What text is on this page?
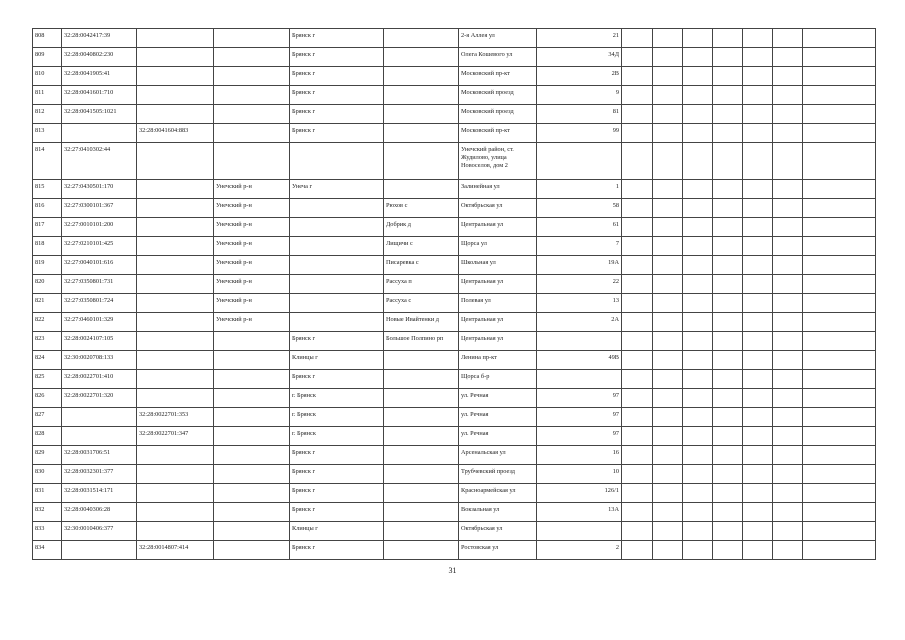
808	32:28:0042417:39			Брянск г		2-я Аллея ул	21							
809	32:28:0040802:230			Брянск г		Олега Кошевого ул	34Д							
810	32:28:0041905:41			Брянск г		Московский пр-кт	2В							
811	32:28:0041601:710			Брянск г		Московский проезд	9							
812	32:28:0041505:1021			Брянск г		Московский проезд	81							
813		32:28:0041604:883		Брянск г		Московский пр-кт	99							
814	32:27:0410302:44					Унечский район, ст. Жудилово, улица Новоселов, дом 2								
815	32:27:0430501:170		Унечский р-н	Унеча г		Залинейная ул	1							
816	32:27:0300101:367		Унечский р-н		Рюхов с	Октябрьская ул	58							
817	32:27:0010101:200		Унечский р-н		Добрик д	Центральная ул	61							
818	32:27:0210101:425		Унечский р-н		Лищичи с	Щорса ул	7							
819	32:27:0040101:616		Унечский р-н		Писаревка с	Школьная ул	19А							
820	32:27:0350801:731		Унечский р-н		Рассуха п	Центральная ул	22							
821	32:27:0350801:724		Унечский р-н		Рассуха с	Полевая ул	13							
822	32:27:0460101:329		Унечский р-н		Новые Ивайтенки д	Центральная ул	2А							
823	32:28:0024107:105			Брянск г	Большое Полпино рп	Центральная ул								
824	32:30:0020708:133			Клинцы г		Ленина пр-кт	49В							
825	32:28:0022701:410			Брянск г		Щорса б-р								
826	32:28:0022701:320			г. Брянск		ул. Речная	97							
827		32:28:0022701:353		г. Брянск		ул. Речная	97							
828		32:28:0022701:347		г. Брянск		ул. Речная	97							
829	32:28:0031706:51			Брянск г		Арсенальская ул	16							
830	32:28:0032301:377			Брянск г		Трубчевский проезд	10							
831	32:28:0031514:171			Брянск г		Красноармейская ул	126/1							
832	32:28:0040306:28			Брянск г		Вокзальная ул	13А							
833	32:30:0010406:377			Клинцы г		Октябрьская ул								
834		32:28:0014807:414		Брянск г		Ростовская ул	2							
31
